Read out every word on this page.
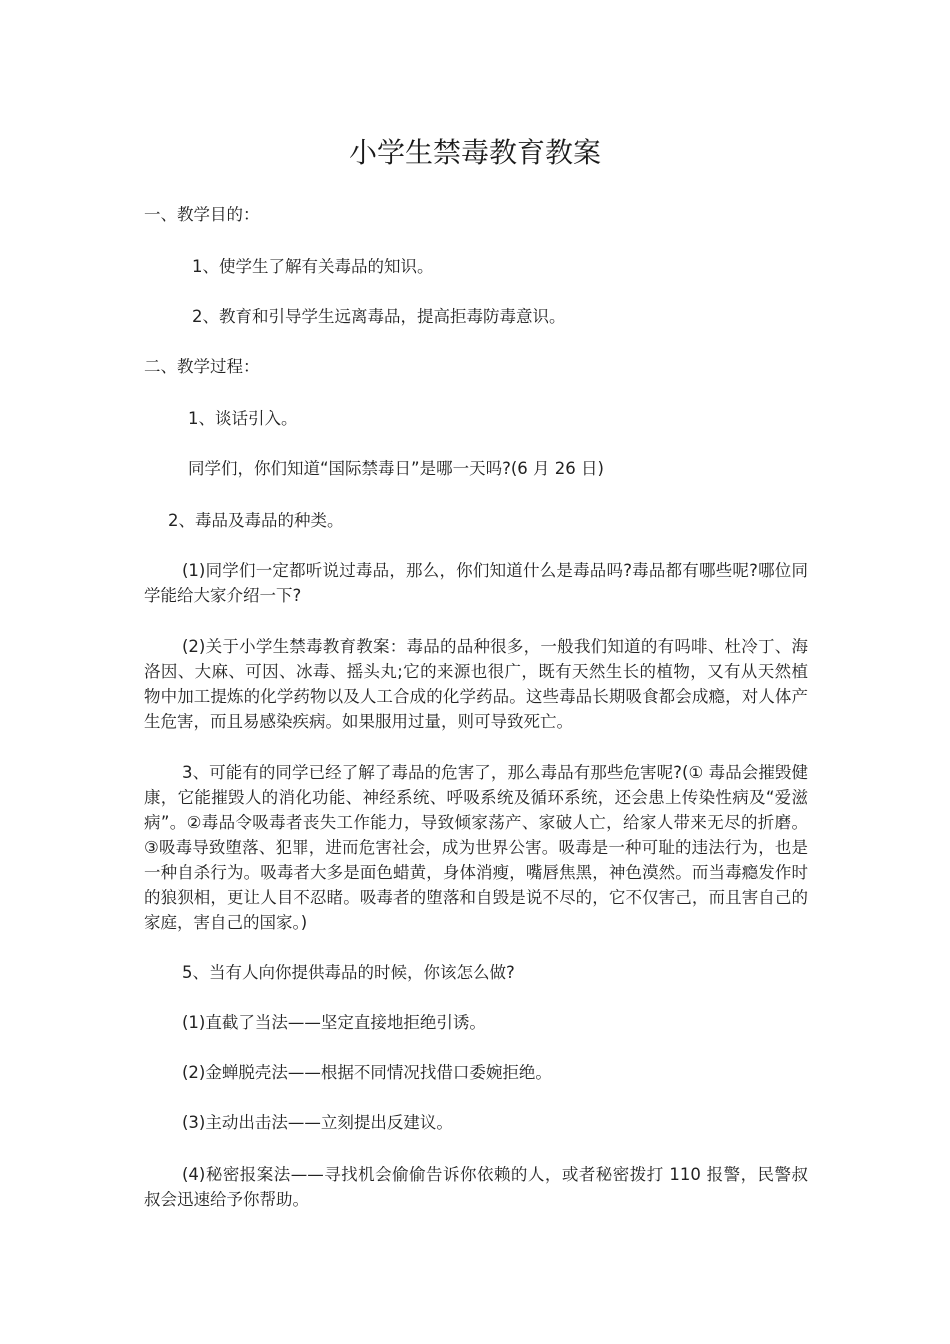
小学生禁毒教育教案

一、教学目的：

1、使学生了解有关毒品的知识。

2、教育和引导学生远离毒品，提高拒毒防毒意识。

二、教学过程：

1、谈话引入。

同学们，你们知道“国际禁毒日”是哪一天吗?(6 月 26 日)

2、毒品及毒品的种类。

(1)同学们一定都听说过毒品，那么，你们知道什么是毒品吗?毒品都有哪些呢?哪位同学能给大家介绍一下?

(2)关于小学生禁毒教育教案：毒品的品种很多，一般我们知道的有吗啡、杜冷丁、海洛因、大麻、可因、冰毒、摇头丸;它的来源也很广，既有天然生长的植物，又有从天然植物中加工提炼的化学药物以及人工合成的化学药品。这些毒品长期吸食都会成瘾，对人体产生危害，而且易感染疾病。如果服用过量，则可导致死亡。

3、可能有的同学已经了解了毒品的危害了，那么毒品有那些危害呢?(① 毒品会摧毁健康，它能摧毁人的消化功能、神经系统、呼吸系统及循环系统，还会患上传染性病及“爱滋病”。②毒品令吸毒者丧失工作能力，导致倾家荡产、家破人亡，给家人带来无尽的折磨。③吸毒导致堕落、犯罪，进而危害社会，成为世界公害。吸毒是一种可耻的违法行为，也是一种自杀行为。吸毒者大多是面色蜡黄，身体消瘦，嘴唇焦黑，神色漠然。而当毒瘾发作时的狼狈相，更让人目不忍睹。吸毒者的堕落和自毁是说不尽的，它不仅害己，而且害自己的家庭，害自己的国家。)

5、当有人向你提供毒品的时候，你该怎么做?

(1)直截了当法——坚定直接地拒绝引诱。

(2)金蝉脱壳法——根据不同情况找借口委婉拒绝。

(3)主动出击法——立刻提出反建议。

(4)秘密报案法——寻找机会偷偷告诉你依赖的人，或者秘密拨打 110 报警，民警叔叔会迅速给予你帮助。
